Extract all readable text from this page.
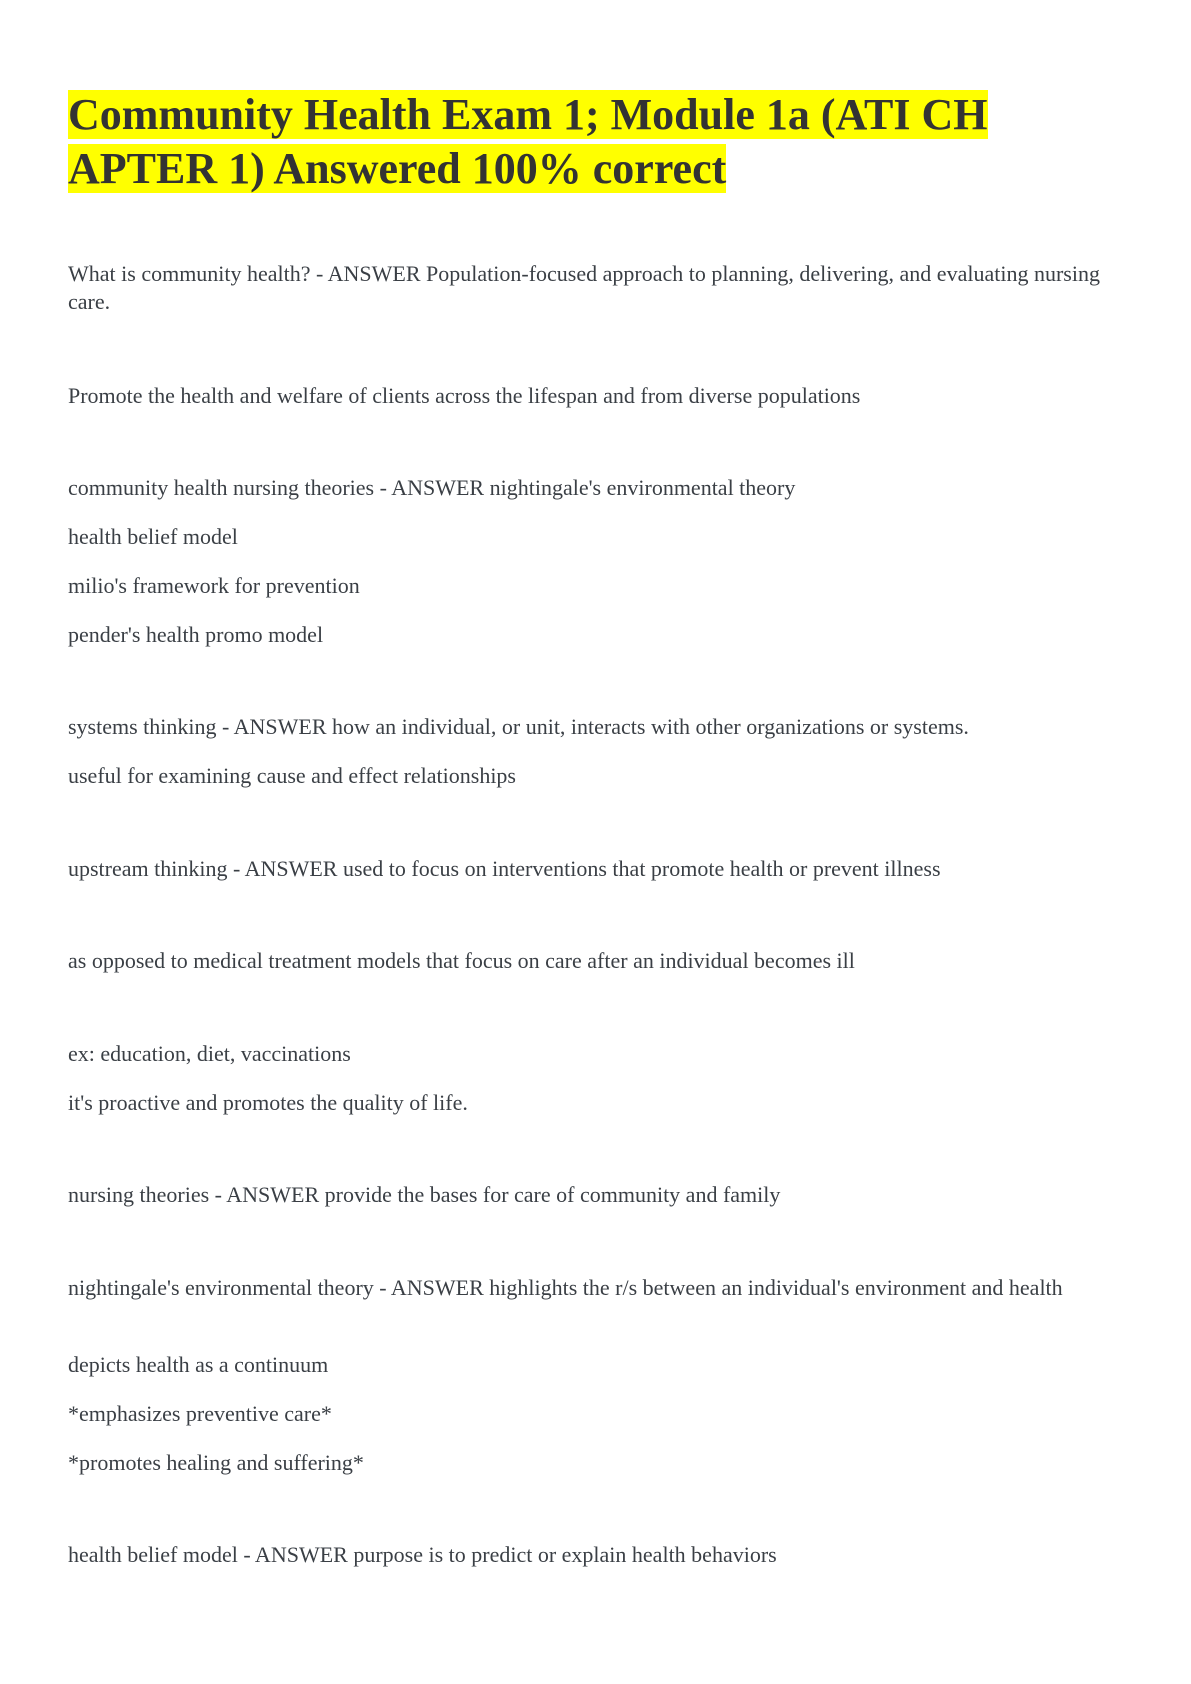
Community Health Exam 1; Module 1a (ATI CH APTER 1) Answered 100% correct

What is community health? - ANSWER Population-focused approach to planning, delivering, and evaluating nursing care.

Promote the health and welfare of clients across the lifespan and from diverse populations

community health nursing theories - ANSWER nightingale's environmental theory

health belief model

milio's framework for prevention

pender's health promo model

systems thinking - ANSWER how an individual, or unit, interacts with other organizations or systems.

useful for examining cause and effect relationships

upstream thinking - ANSWER used to focus on interventions that promote health or prevent illness

as opposed to medical treatment models that focus on care after an individual becomes ill

ex: education, diet, vaccinations

it's proactive and promotes the quality of life.

nursing theories - ANSWER provide the bases for care of community and family

nightingale's environmental theory - ANSWER highlights the r/s between an individual's environment and health

depicts health as a continuum

*emphasizes preventive care*

*promotes healing and suffering*

health belief model - ANSWER purpose is to predict or explain health behaviors
